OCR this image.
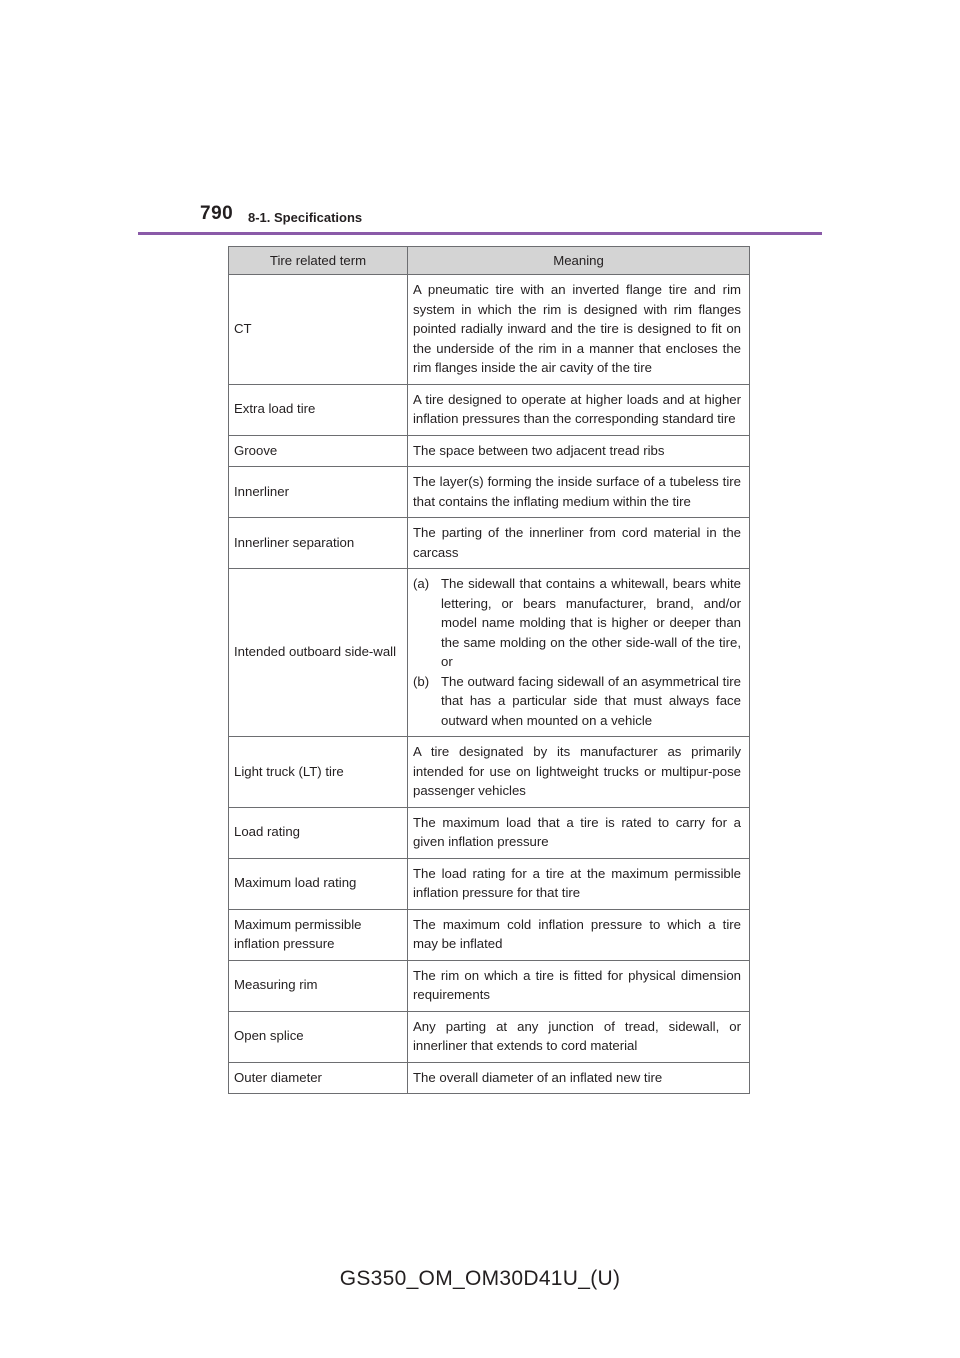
790 8-1. Specifications
Tire related term	Meaning
CT	A pneumatic tire with an inverted flange tire and rim system in which the rim is designed with rim flanges pointed radially inward and the tire is designed to fit on the underside of the rim in a manner that encloses the rim flanges inside the air cavity of the tire
Extra load tire	A tire designed to operate at higher loads and at higher inflation pressures than the corresponding standard tire
Groove	The space between two adjacent tread ribs
Innerliner	The layer(s) forming the inside surface of a tubeless tire that contains the inflating medium within the tire
Innerliner separation	The parting of the innerliner from cord material in the carcass
Intended outboard side-wall	(a) The sidewall that contains a whitewall, bears white lettering, or bears manufacturer, brand, and/or model name molding that is higher or deeper than the same molding on the other side-wall of the tire, or
(b) The outward facing sidewall of an asymmetrical tire that has a particular side that must always face outward when mounted on a vehicle

Light truck (LT) tire	A tire designated by its manufacturer as primarily intended for use on lightweight trucks or multipur-pose passenger vehicles
Load rating	The maximum load that a tire is rated to carry for a given inflation pressure
Maximum load rating	The load rating for a tire at the maximum permissible inflation pressure for that tire
Maximum permissible inflation pressure	The maximum cold inflation pressure to which a tire may be inflated
Measuring rim	The rim on which a tire is fitted for physical dimension requirements
Open splice	Any parting at any junction of tread, sidewall, or innerliner that extends to cord material
Outer diameter	The overall diameter of an inflated new tire
GS350_OM_OM30D41U_(U)
